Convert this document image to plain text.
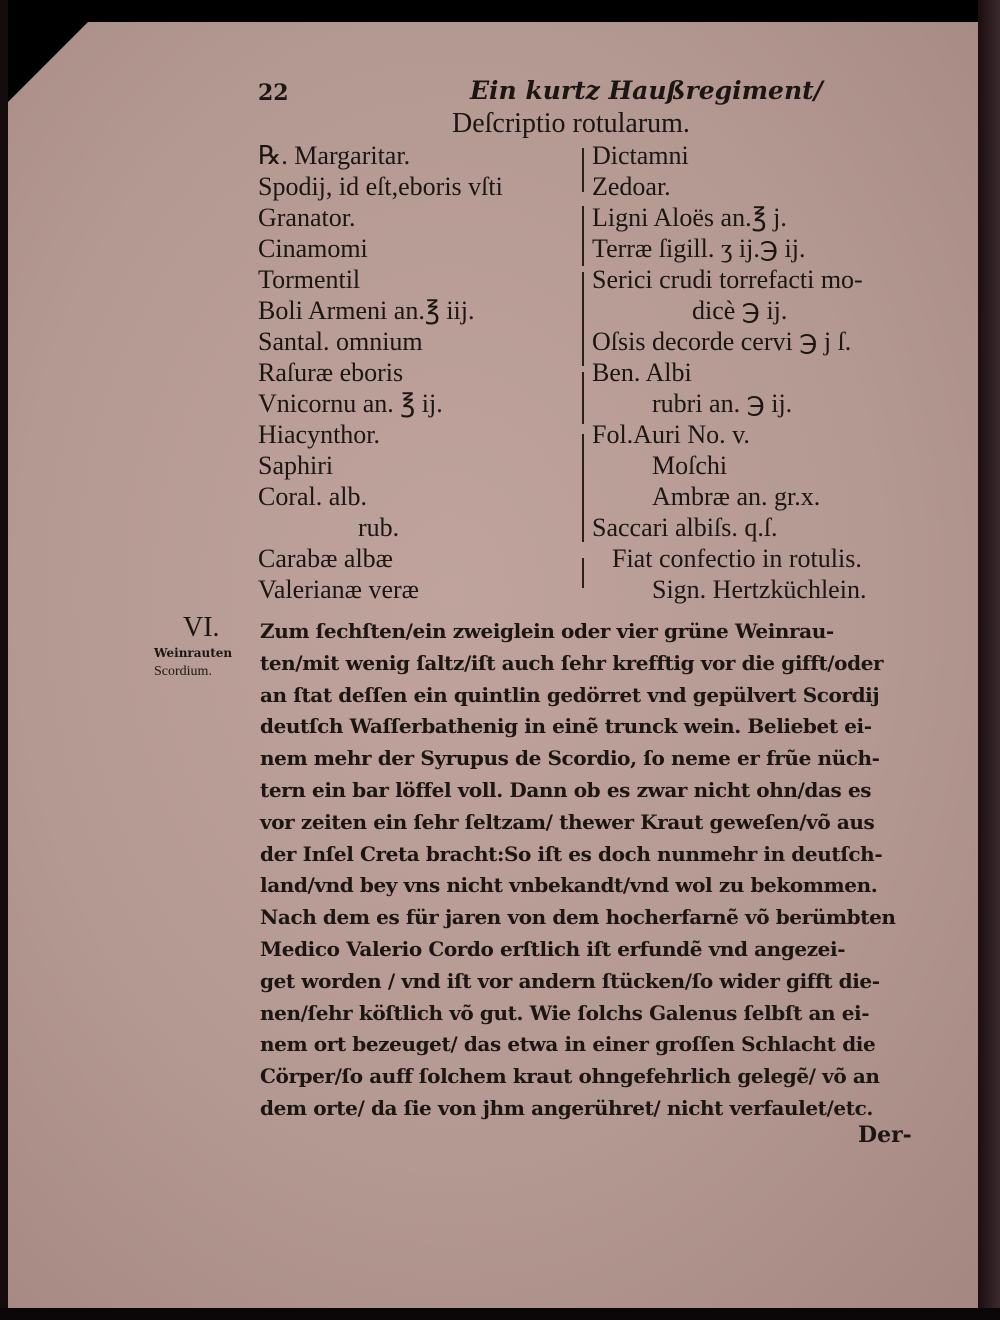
22	Ein kurtz Haußregiment/
Deſcriptio rotularum.
℞. Margaritar.
Spodij, id eſt,eboris vſti
Granator.
Cinamomi
Tormentil
Boli Armeni an.℥ iij.
Santal. omnium
Raſuræ eboris
Vnicornu an. ℥ ij.
Hiacynthor.
Saphiri
Coral. alb.
rub.
Carabæ albæ
Valerianæ veræ
Dictamni
Zedoar.
Ligni Aloës an.℥ j.
Terræ ſigill. ʒ ij.℈ ij.
Serici crudi torrefacti mo-
dicè ℈ ij.
Oſsis decorde cervi ℈ j ſ.
Ben. Albi
rubri an. ℈ ij.
Fol.Auri No. v.
Moſchi
Ambræ an. gr.x.
Saccari albiſs. q.ſ.
Fiat confectio in rotulis.
Sign. Hertzküchlein.
VI.
Weinrauten
Scordium.
Zum ſechſten/ein zweiglein oder vier grüne Weinrau-
ten/mit wenig ſaltz/iſt auch ſehr krefftig vor die gifft/oder
an ſtat deſſen ein quintlin gedörret vnd gepülvert Scordij
deutſch Waſſerbathenig in einẽ trunck wein. Beliebet ei-
nem mehr der Syrupus de Scordio, ſo neme er frũe nüch-
tern ein bar löffel voll. Dann ob es zwar nicht ohn/das es
vor zeiten ein ſehr ſeltzam/ thewer Kraut geweſen/võ aus
der Inſel Creta bracht:So iſt es doch nunmehr in deutſch-
land/vnd bey vns nicht vnbekandt/vnd wol zu bekommen.
Nach dem es für jaren von dem hocherfarnẽ võ berümbten
Medico Valerio Cordo erſtlich iſt erfundẽ vnd angezei-
get worden / vnd iſt vor andern ſtücken/ſo wider gifft die-
nen/ſehr köſtlich võ gut. Wie ſolchs Galenus ſelbſt an ei-
nem ort bezeuget/ das etwa in einer groſſen Schlacht die
Cörper/ſo auff ſolchem kraut ohngefehrlich gelegẽ/ võ an
dem orte/ da ſie von jhm angerühret/ nicht verfaulet/etc.
Der-
